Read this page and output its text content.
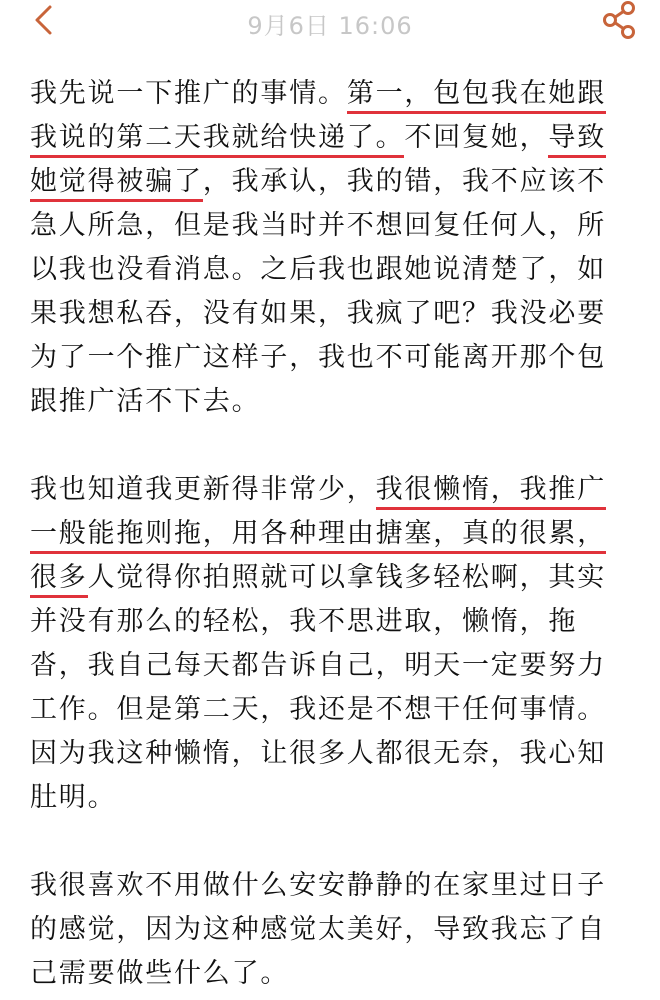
9月6日 16:06

我先说一下推广的事情。第一，包包我在她跟我说的第二天我就给快递了。不回复她，导致她觉得被骗了，我承认，我的错，我不应该不急人所急，但是我当时并不想回复任何人，所以我也没看消息。之后我也跟她说清楚了，如果我想私吞，没有如果，我疯了吧？我没必要为了一个推广这样子，我也不可能离开那个包跟推广活不下去。

我也知道我更新得非常少，我很懒惰，我推广一般能拖则拖，用各种理由搪塞，真的很累，很多人觉得你拍照就可以拿钱多轻松啊，其实并没有那么的轻松，我不思进取，懒惰，拖沓，我自己每天都告诉自己，明天一定要努力工作。但是第二天，我还是不想干任何事情。因为我这种懒惰，让很多人都很无奈，我心知肚明。

我很喜欢不用做什么安安静静的在家里过日子的感觉，因为这种感觉太美好，导致我忘了自己需要做些什么了。
